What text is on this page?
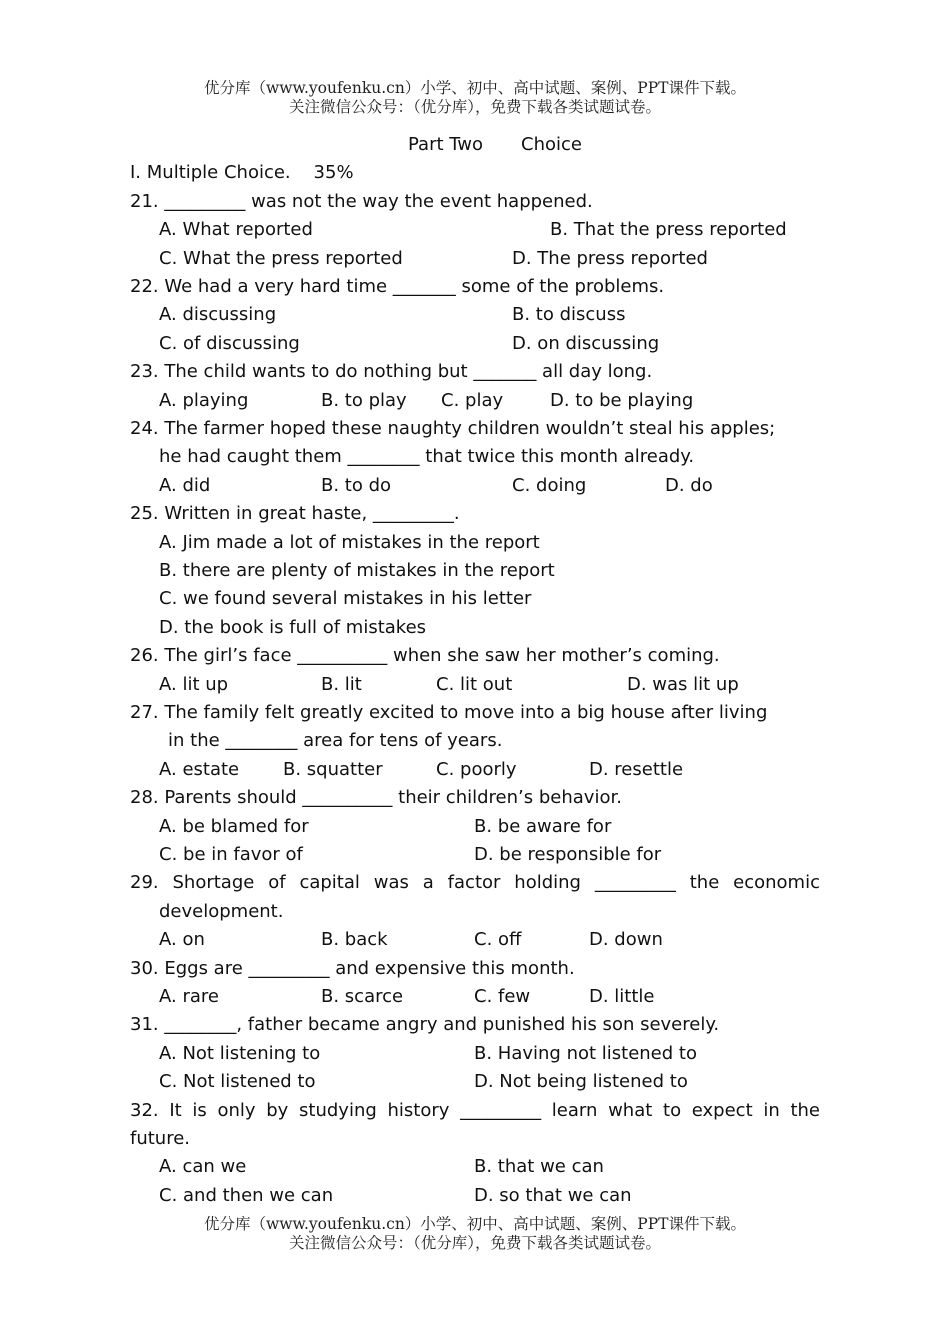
优分库（www.youfenku.cn）小学、初中、高中试题、案例、PPT课件下载。
关注微信公众号：（优分库），免费下载各类试题试卷。
Part Two Choice
I. Multiple Choice. 35%
21. _________ was not the way the event happened.
A. What reported	B. That the press reported
C. What the press reported	D. The press reported
22. We had a very hard time _______ some of the problems.
A. discussing	B. to discuss
C. of discussing	D. on discussing
23. The child wants to do nothing but _______ all day long.
A. playing	B. to play C. play	D. to be playing
24. The farmer hoped these naughty children wouldn’t steal his apples;
he had caught them ________ that twice this month already.
A. did	B. to do	C. doing	D. do
25. Written in great haste, _________.
A. Jim made a lot of mistakes in the report
B. there are plenty of mistakes in the report
C. we found several mistakes in his letter
D. the book is full of mistakes
26. The girl’s face __________ when she saw her mother’s coming.
A. lit up	B. lit	C. lit out	D. was lit up
27. The family felt greatly excited to move into a big house after living
in the ________ area for tens of years.
A. estate B. squatter	C. poorly	D. resettle
28. Parents should __________ their children’s behavior.
A. be blamed for	B. be aware for
C. be in favor of	D. be responsible for
29. Shortage of capital was a factor holding _________ the economic
development.
A. on	B. back	C. off	D. down
30. Eggs are _________ and expensive this month.
A. rare	B. scarce	C. few	D. little
31. ________, father became angry and punished his son severely.
A. Not listening to	B. Having not listened to
C. Not listened to	D. Not being listened to
32. It is only by studying history _________ learn what to expect in the
future.
A. can we	B. that we can
C. and then we can	D. so that we can
优分库（www.youfenku.cn）小学、初中、高中试题、案例、PPT课件下载。
关注微信公众号：（优分库），免费下载各类试题试卷。
